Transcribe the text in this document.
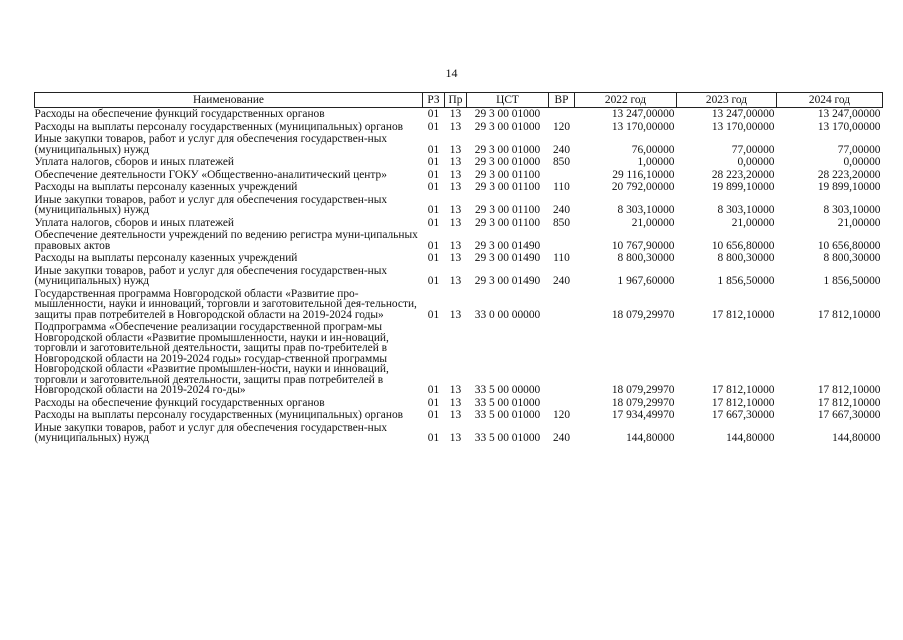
14
Наименование	РЗ	Пр	ЦСТ	ВР	2022 год	2023 год	2024 год
Расходы на обеспечение функций государственных органов	01	13	29 3 00 01000		13 247,00000	13 247,00000	13 247,00000
Расходы на выплаты персоналу государственных (муниципальных) органов	01	13	29 3 00 01000	120	13 170,00000	13 170,00000	13 170,00000
Иные закупки товаров, работ и услуг для обеспечения государствен-ных (муниципальных) нужд	01	13	29 3 00 01000	240	76,00000	77,00000	77,00000
Уплата налогов, сборов и иных платежей	01	13	29 3 00 01000	850	1,00000	0,00000	0,00000
Обеспечение деятельности ГОКУ «Общественно-аналитический центр»	01	13	29 3 00 01100		29 116,10000	28 223,20000	28 223,20000
Расходы на выплаты персоналу казенных учреждений	01	13	29 3 00 01100	110	20 792,00000	19 899,10000	19 899,10000
Иные закупки товаров, работ и услуг для обеспечения государствен-ных (муниципальных) нужд	01	13	29 3 00 01100	240	8 303,10000	8 303,10000	8 303,10000
Уплата налогов, сборов и иных платежей	01	13	29 3 00 01100	850	21,00000	21,00000	21,00000
Обеспечение деятельности учреждений по ведению регистра муни-ципальных правовых актов	01	13	29 3 00 01490		10 767,90000	10 656,80000	10 656,80000
Расходы на выплаты персоналу казенных учреждений	01	13	29 3 00 01490	110	8 800,30000	8 800,30000	8 800,30000
Иные закупки товаров, работ и услуг для обеспечения государствен-ных (муниципальных) нужд	01	13	29 3 00 01490	240	1 967,60000	1 856,50000	1 856,50000
Государственная программа Новгородской области «Развитие про-мышленности, науки и инноваций, торговли и заготовительной дея-тельности, защиты прав потребителей в Новгородской области на 2019-2024 годы»	01	13	33 0 00 00000		18 079,29970	17 812,10000	17 812,10000
Подпрограмма «Обеспечение реализации государственной програм-мы Новгородской области «Развитие промышленности, науки и ин-новаций, торговли и заготовительной деятельности, защиты прав по-требителей в Новгородской области на 2019-2024 годы» государ-ственной программы Новгородской области «Развитие промышлен-ности, науки и инноваций, торговли и заготовительной деятельности, защиты прав потребителей в Новгородской области на 2019-2024 го-ды»	01	13	33 5 00 00000		18 079,29970	17 812,10000	17 812,10000
Расходы на обеспечение функций государственных органов	01	13	33 5 00 01000		18 079,29970	17 812,10000	17 812,10000
Расходы на выплаты персоналу государственных (муниципальных) органов	01	13	33 5 00 01000	120	17 934,49970	17 667,30000	17 667,30000
Иные закупки товаров, работ и услуг для обеспечения государствен-ных (муниципальных) нужд	01	13	33 5 00 01000	240	144,80000	144,80000	144,80000
